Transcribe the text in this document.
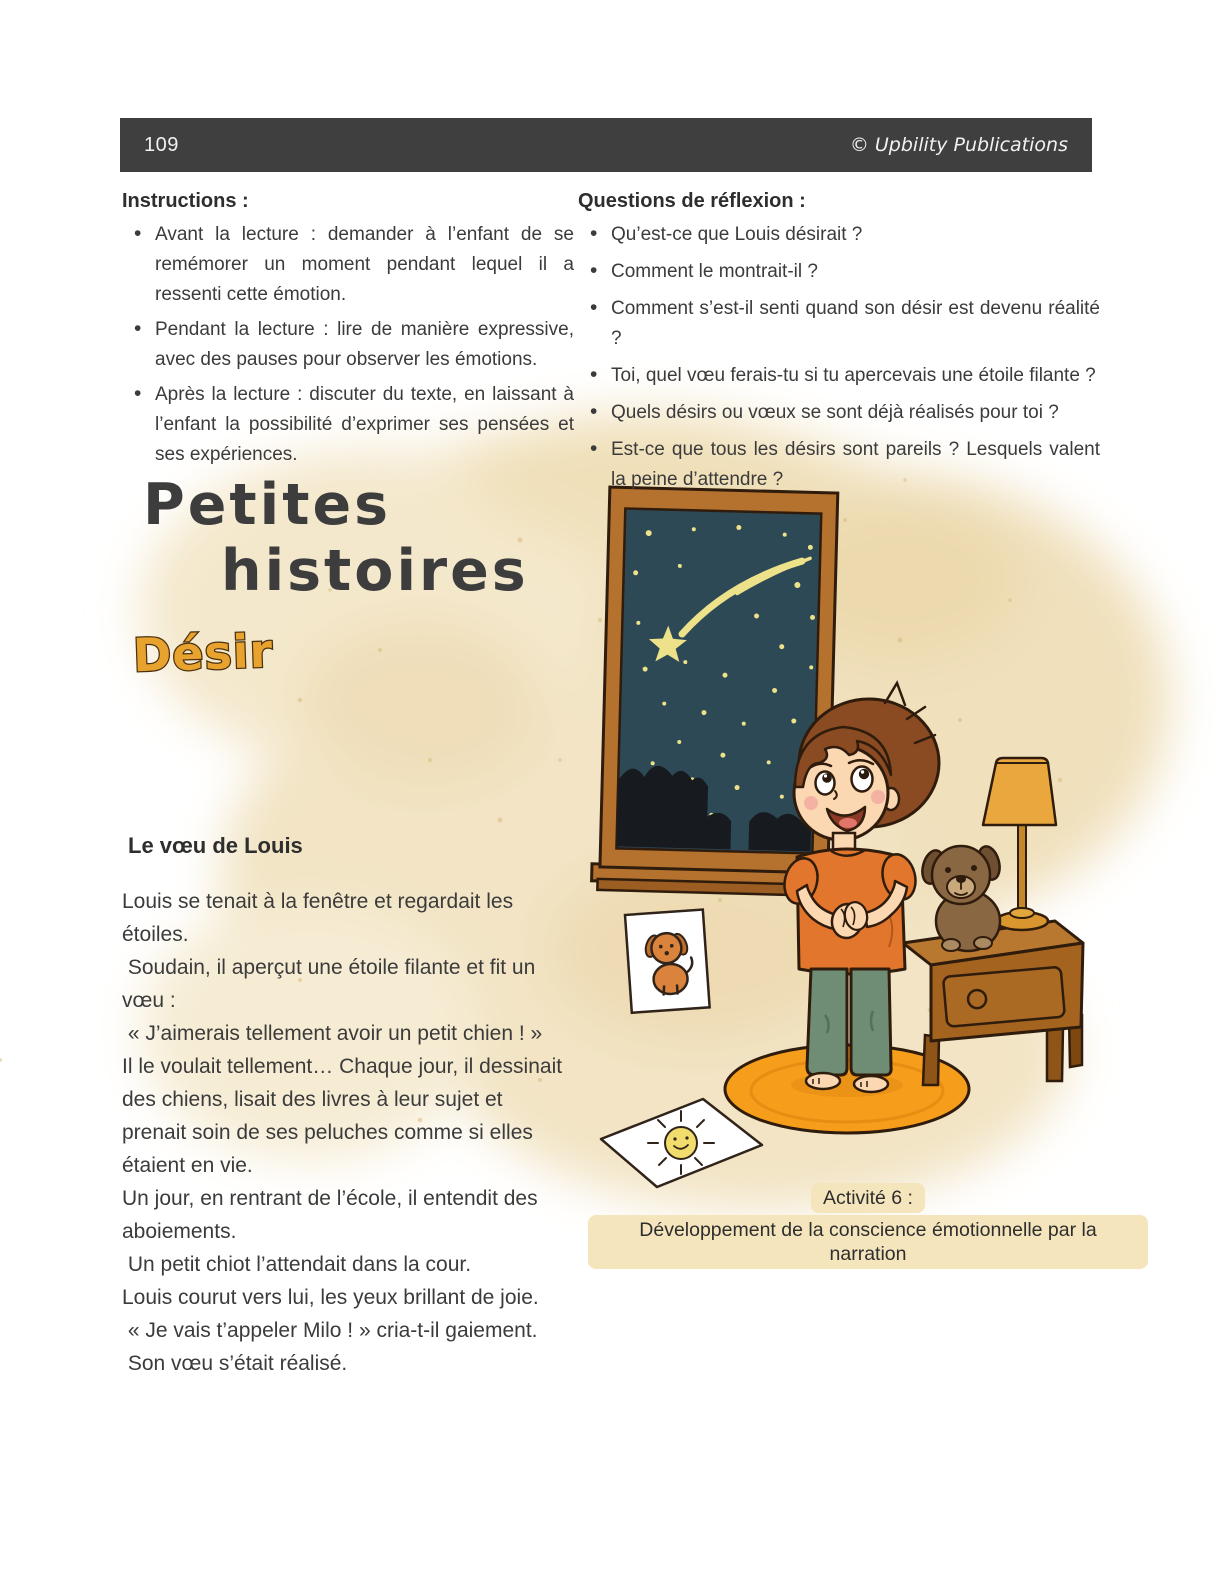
109	© Upbility Publications
Instructions :
• Avant la lecture : demander à l’enfant de se remémorer un moment pendant lequel il a ressenti cette émotion.
• Pendant la lecture : lire de manière expressive, avec des pauses pour observer les émotions.
• Après la lecture : discuter du texte, en laissant à l’enfant la possibilité d’exprimer ses pensées et ses expériences.
Questions de réflexion :
• Qu’est-ce que Louis désirait ?
• Comment le montrait-il ?
• Comment s’est-il senti quand son désir est devenu réalité ?
• Toi, quel vœu ferais-tu si tu apercevais une étoile filante ?
• Quels désirs ou vœux se sont déjà réalisés pour toi ?
• Est-ce que tous les désirs sont pareils ? Lesquels valent la peine d’attendre ?
Petites
histoires
Désir
Le vœu de Louis
Louis se tenait à la fenêtre et regardait les
étoiles.
Soudain, il aperçut une étoile filante et fit un
vœu :
« J’aimerais tellement avoir un petit chien ! »
Il le voulait tellement… Chaque jour, il dessinait
des chiens, lisait des livres à leur sujet et
prenait soin de ses peluches comme si elles
étaient en vie.
Un jour, en rentrant de l’école, il entendit des
aboiements.
Un petit chiot l’attendait dans la cour.
Louis courut vers lui, les yeux brillant de joie.
« Je vais t’appeler Milo ! » cria-t-il gaiement.
Son vœu s’était réalisé.
Activité 6 :
Développement de la conscience émotionnelle par la narration
